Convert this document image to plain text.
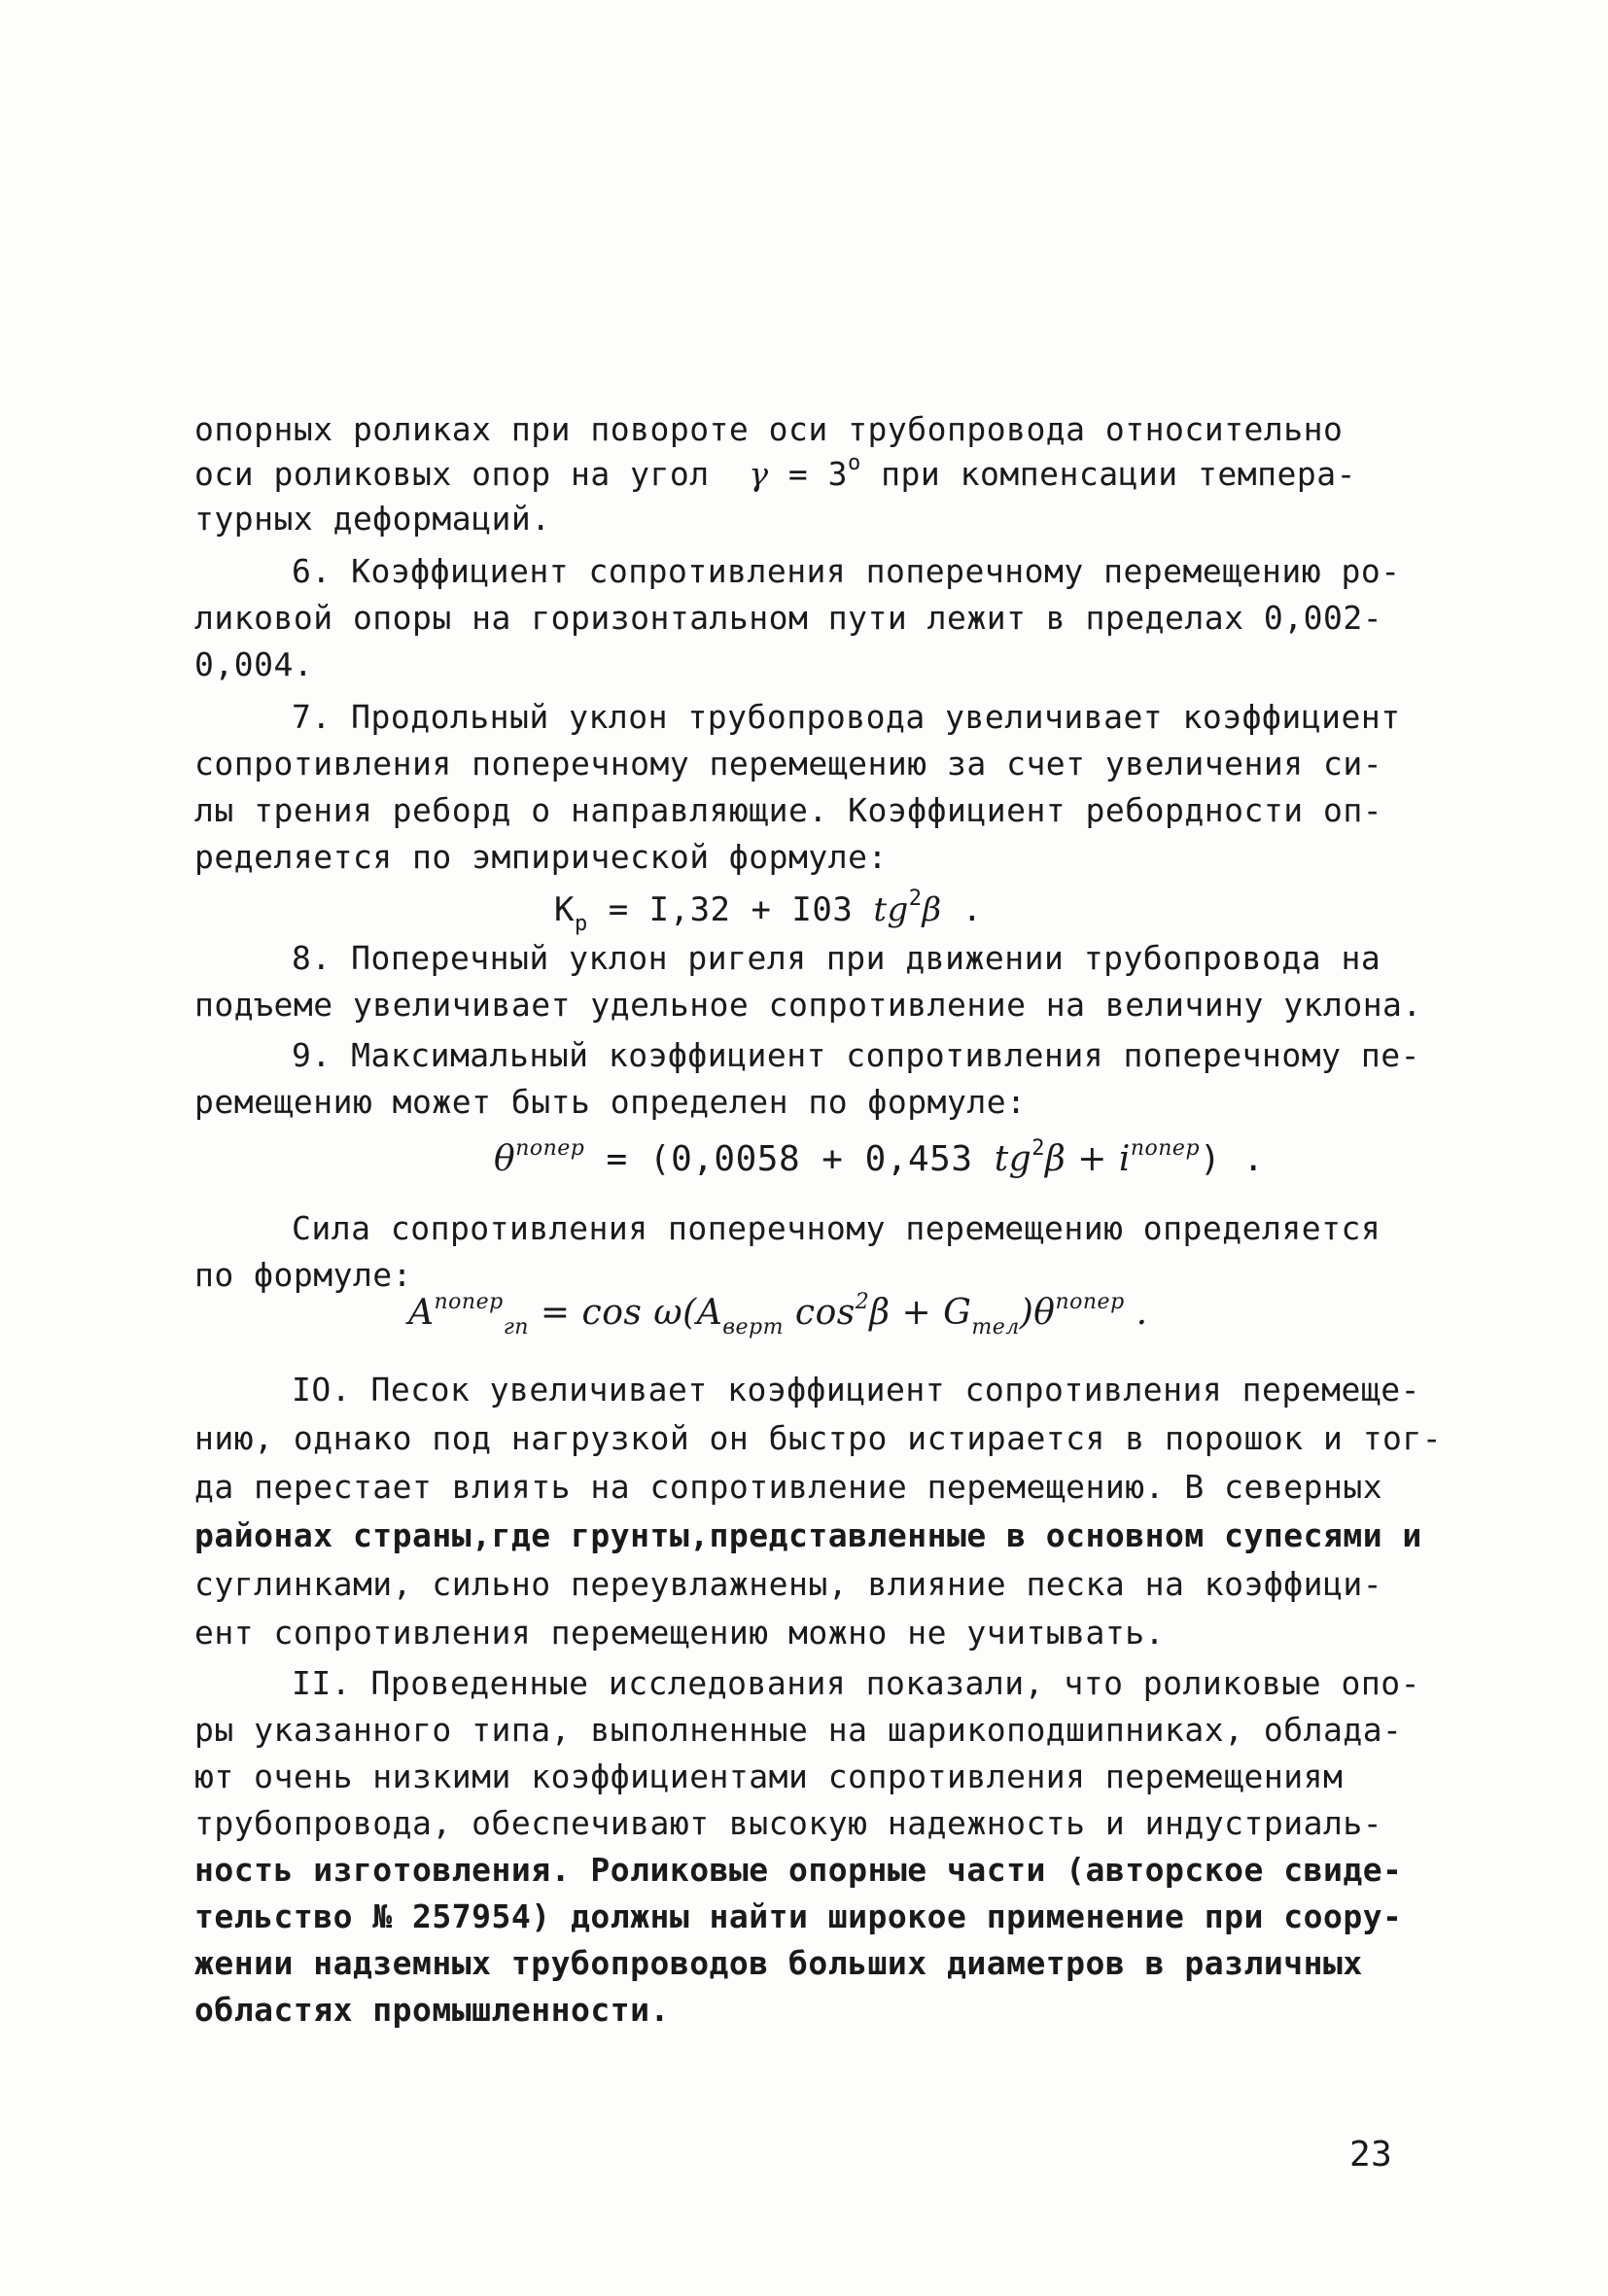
опорных роликах при повороте оси трубопровода относительно
оси роликовых опор на угол $\gamma = 3^о$ при компенсации темпера-
турных деформаций.
6. Коэффициент сопротивления поперечному перемещению ро-
ликовой опоры на горизонтальном пути лежит в пределах 0,002-
0,004.
7. Продольный уклон трубопровода увеличивает коэффициент
сопротивления поперечному перемещению за счет увеличения си-
лы трения реборд о направляющие. Коэффициент ребордности оп-
ределяется по эмпирической формуле:
$K_р = I,32 + I03$ $tg^2\beta$ .
8. Поперечный уклон ригеля при движении трубопровода на
подъеме увеличивает удельное сопротивление на величину уклона.
9. Максимальный коэффициент сопротивления поперечному пе-
ремещению может быть определен по формуле:
$\theta^{попер} = (0,0058 + 0,453$ $tg^2\beta + i^{попер}$) .
Сила сопротивления поперечному перемещению определяется
по формуле:
$A^{попер}_{гп} = \cos \omega(A_{верт}$ $\cos^2\beta + G_{тел})\theta^{попер}$ .
IO. Песок увеличивает коэффициент сопротивления перемеще-
нию, однако под нагрузкой он быстро истирается в порошок и тог-
да перестает влиять на сопротивление перемещению. В северных
районах страны,где грунты,представленные в основном супесями и
суглинками, сильно переувлажнены, влияние песка на коэффици-
ент сопротивления перемещению можно не учитывать.
II. Проведенные исследования показали, что роликовые опо-
ры указанного типа, выполненные на шарикоподшипниках, облада-
ют очень низкими коэффициентами сопротивления перемещениям
трубопровода, обеспечивают высокую надежность и индустриаль-
ность изготовления. Роликовые опорные части (авторское свиде-
тельство № 257954) должны найти широкое применение при соору-
жении надземных трубопроводов больших диаметров в различных
областях промышленности.
23
